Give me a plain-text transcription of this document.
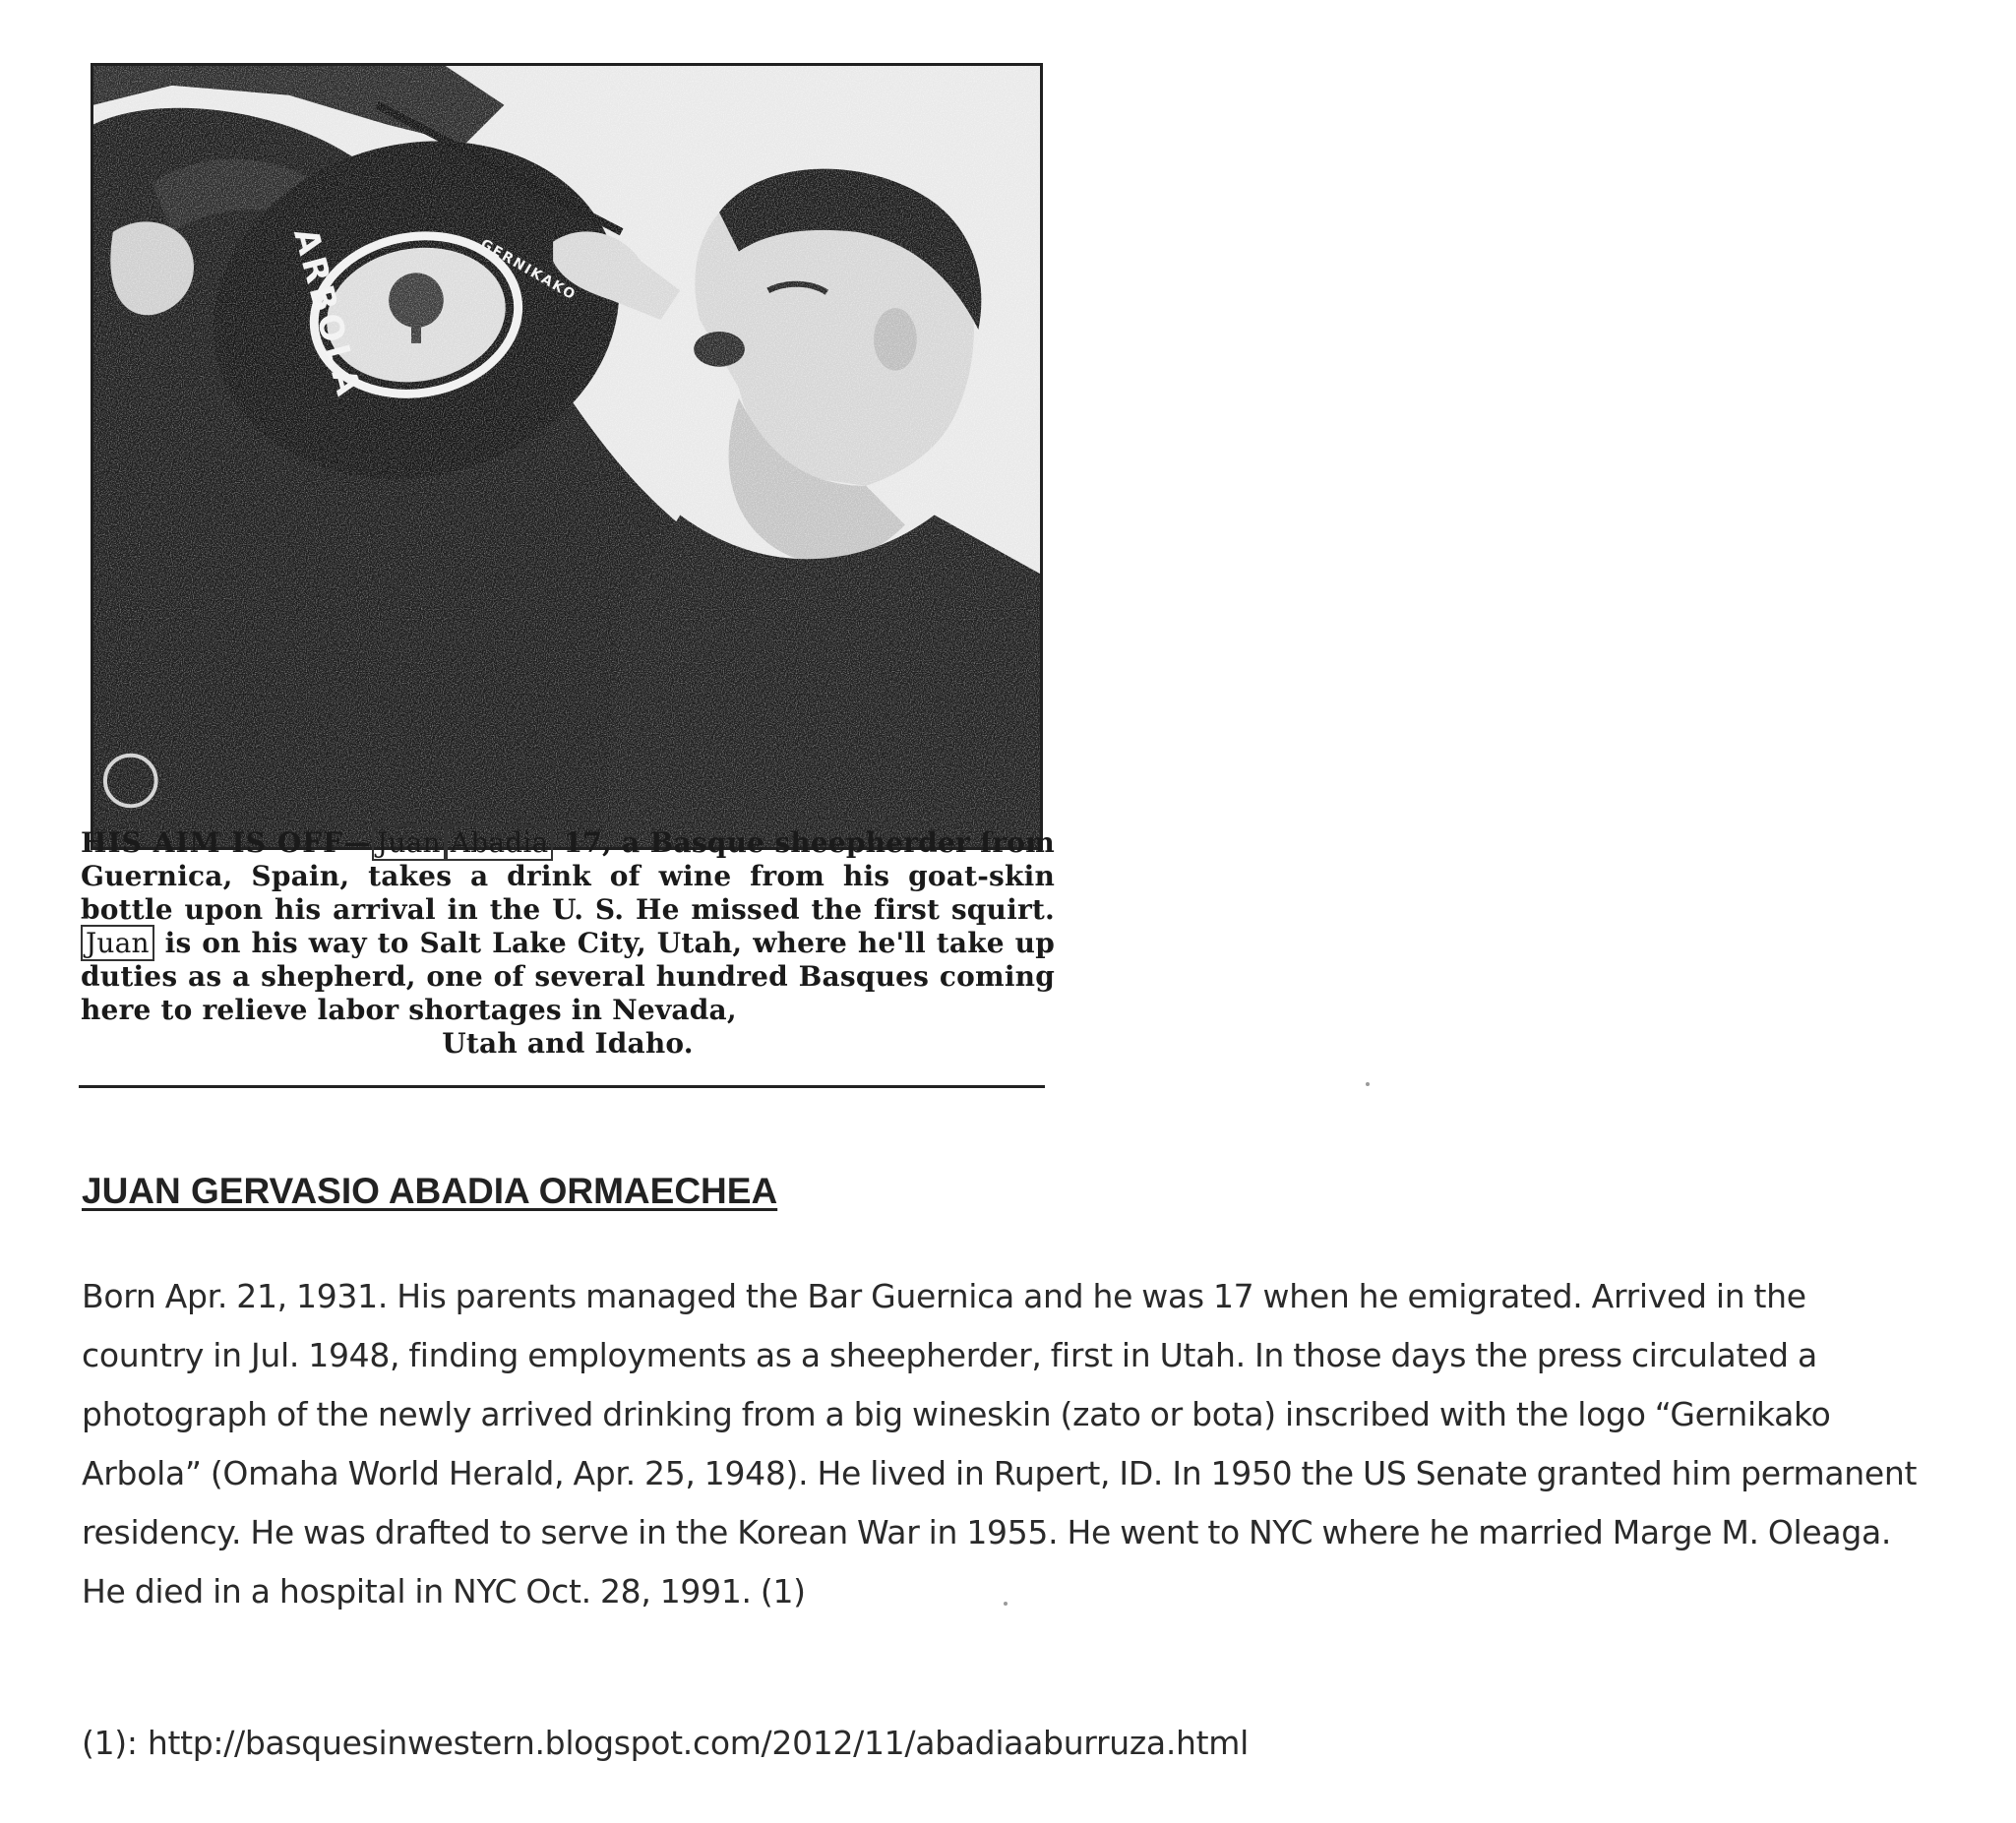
HIS AIM IS OFF— Juan Abadia 17, a Basque sheepherder from Guernica, Spain, takes a drink of wine from his goat-skin bottle upon his arrival in the U. S. He missed the first squirt. Juan is on his way to Salt Lake City, Utah, where he'll take up duties as a shepherd, one of several hundred Basques coming here to relieve labor shortages in Nevada,
Utah and Idaho.
JUAN GERVASIO ABADIA ORMAECHEA

Born Apr. 21, 1931. His parents managed the Bar Guernica and he was 17 when he emigrated. Arrived in the country in Jul. 1948, finding employments as a sheepherder, first in Utah. In those days the press circulated a photograph of the newly arrived drinking from a big wineskin (zato or bota) inscribed with the logo “Gernikako Arbola” (Omaha World Herald, Apr. 25, 1948). He lived in Rupert, ID. In 1950 the US Senate granted him permanent residency. He was drafted to serve in the Korean War in 1955. He went to NYC where he married Marge M. Oleaga. He died in a hospital in NYC Oct. 28, 1991. (1)

(1): http://basquesinwestern.blogspot.com/2012/11/abadiaaburruza.html
